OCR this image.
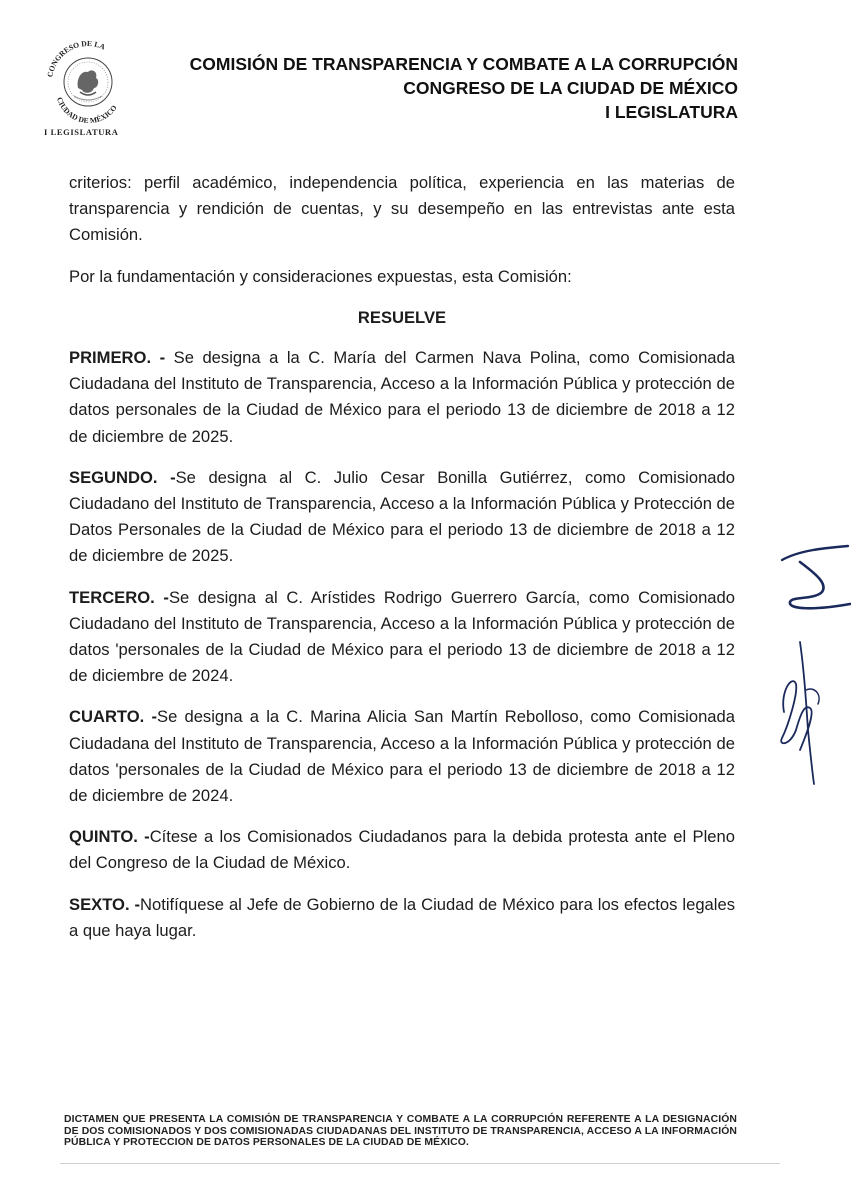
CONGRESO DE LA
CIUDAD DE MÉXICO
CONGRESO DE LA CIUDAD DE MÉXICO
I LEGISLATURA
COMISIÓN DE TRANSPARENCIA Y COMBATE A LA CORRUPCIÓN
CONGRESO DE LA CIUDAD DE MÉXICO
I LEGISLATURA

criterios: perfil académico, independencia política, experiencia en las materias de transparencia y rendición de cuentas, y su desempeño en las entrevistas ante esta Comisión.

Por la fundamentación y consideraciones expuestas, esta Comisión:

RESUELVE

PRIMERO. - Se designa a la C. María del Carmen Nava Polina, como Comisionada Ciudadana del Instituto de Transparencia, Acceso a la Información Pública y protección de datos personales de la Ciudad de México para el periodo 13 de diciembre de 2018 a 12 de diciembre de 2025.

SEGUNDO. -Se designa al C. Julio Cesar Bonilla Gutiérrez, como Comisionado Ciudadano del Instituto de Transparencia, Acceso a la Información Pública y Protección de Datos Personales de la Ciudad de México para el periodo 13 de diciembre de 2018 a 12 de diciembre de 2025.

TERCERO. -Se designa al C. Arístides Rodrigo Guerrero García, como Comisionado Ciudadano del Instituto de Transparencia, Acceso a la Información Pública y protección de datos 'personales de la Ciudad de México para el periodo 13 de diciembre de 2018 a 12 de diciembre de 2024.

CUARTO. -Se designa a la C. Marina Alicia San Martín Rebolloso, como Comisionada Ciudadana del Instituto de Transparencia, Acceso a la Información Pública y protección de datos 'personales de la Ciudad de México para el periodo 13 de diciembre de 2018 a 12 de diciembre de 2024.

QUINTO. -Cítese a los Comisionados Ciudadanos para la debida protesta ante el Pleno del Congreso de la Ciudad de México.

SEXTO. -Notifíquese al Jefe de Gobierno de la Ciudad de México para los efectos legales a que haya lugar.

DICTAMEN QUE PRESENTA LA COMISIÓN DE TRANSPARENCIA Y COMBATE A LA CORRUPCIÓN REFERENTE A LA DESIGNACIÓN DE DOS COMISIONADOS Y DOS COMISIONADAS CIUDADANAS DEL INSTITUTO DE TRANSPARENCIA, ACCESO A LA INFORMACIÓN PÚBLICA Y PROTECCION DE DATOS PERSONALES DE LA CIUDAD DE MÉXICO.
